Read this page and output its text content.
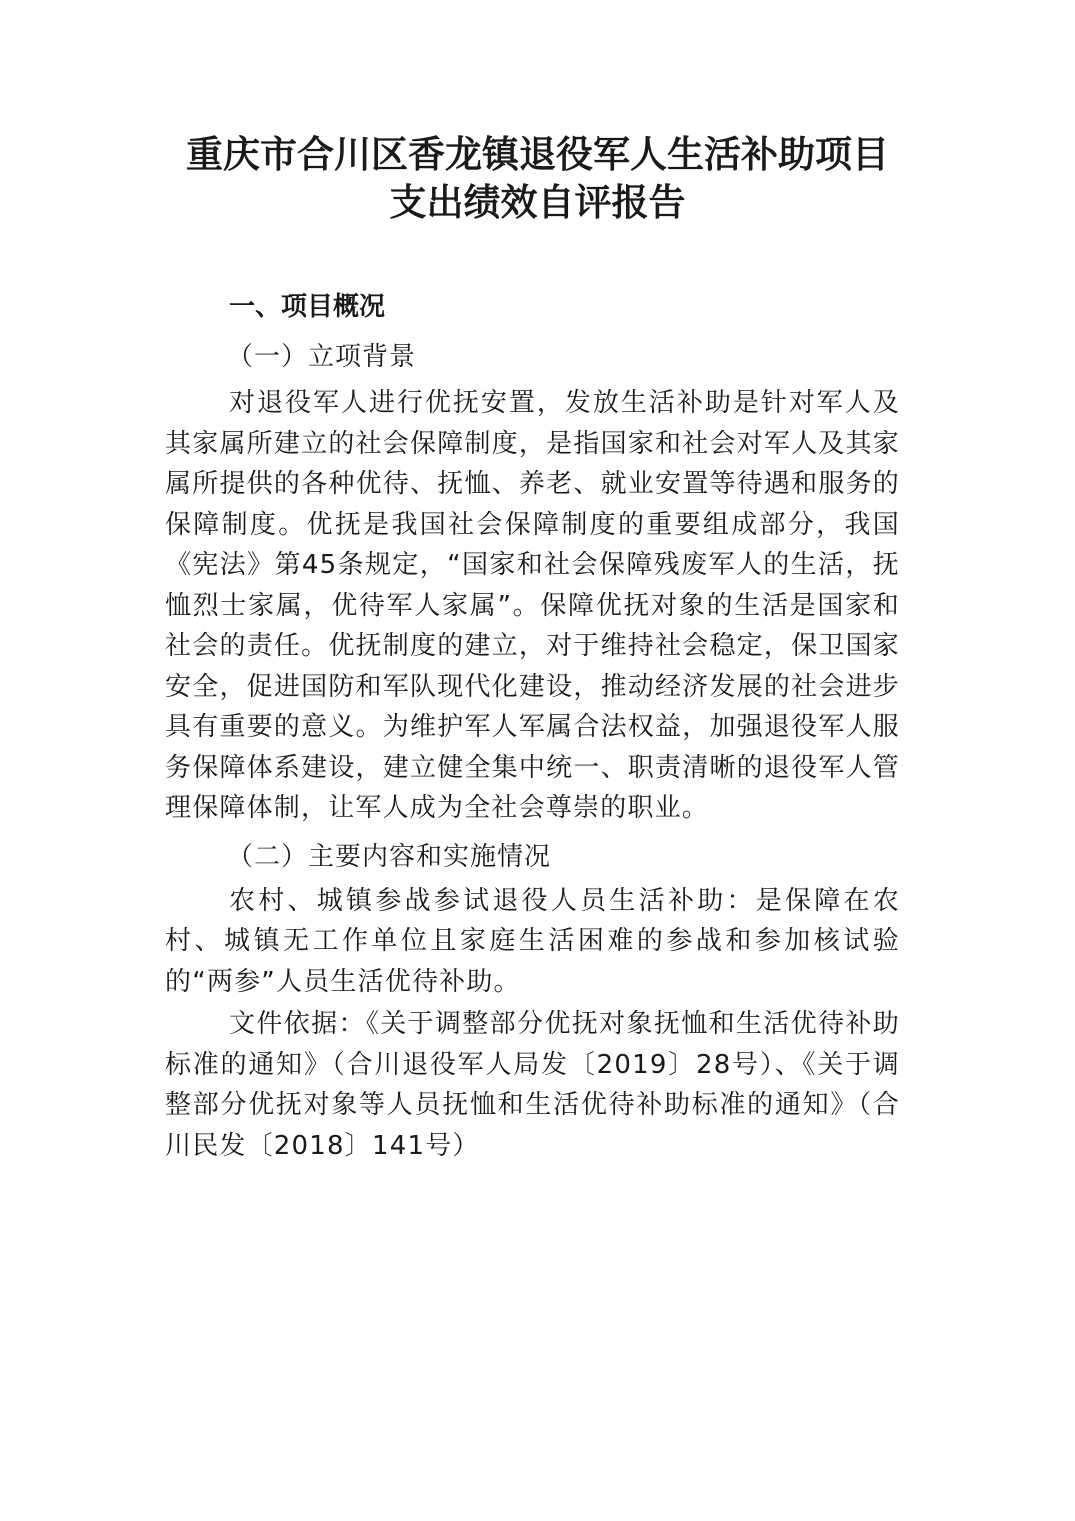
重庆市合川区香龙镇退役军人生活补助项目
支出绩效自评报告
一、项目概况
（一）立项背景

对退役军人进行优抚安置，发放生活补助是针对军人及其家属所建立的社会保障制度，是指国家和社会对军人及其家属所提供的各种优待、抚恤、养老、就业安置等待遇和服务的保障制度。优抚是我国社会保障制度的重要组成部分，我国《宪法》第45条规定，“国家和社会保障残废军人的生活，抚恤烈士家属，优待军人家属”。保障优抚对象的生活是国家和社会的责任。优抚制度的建立，对于维持社会稳定，保卫国家安全，促进国防和军队现代化建设，推动经济发展的社会进步具有重要的意义。为维护军人军属合法权益，加强退役军人服务保障体系建设，建立健全集中统一、职责清晰的退役军人管理保障体制，让军人成为全社会尊崇的职业。

（二）主要内容和实施情况

农村、城镇参战参试退役人员生活补助：是保障在农村、城镇无工作单位且家庭生活困难的参战和参加核试验的“两参”人员生活优待补助。

文件依据：《关于调整部分优抚对象抚恤和生活优待补助标准的通知》（合川退役军人局发〔2019〕28号）、《关于调整部分优抚对象等人员抚恤和生活优待补助标准的通知》（合川民发〔2018〕141号）
